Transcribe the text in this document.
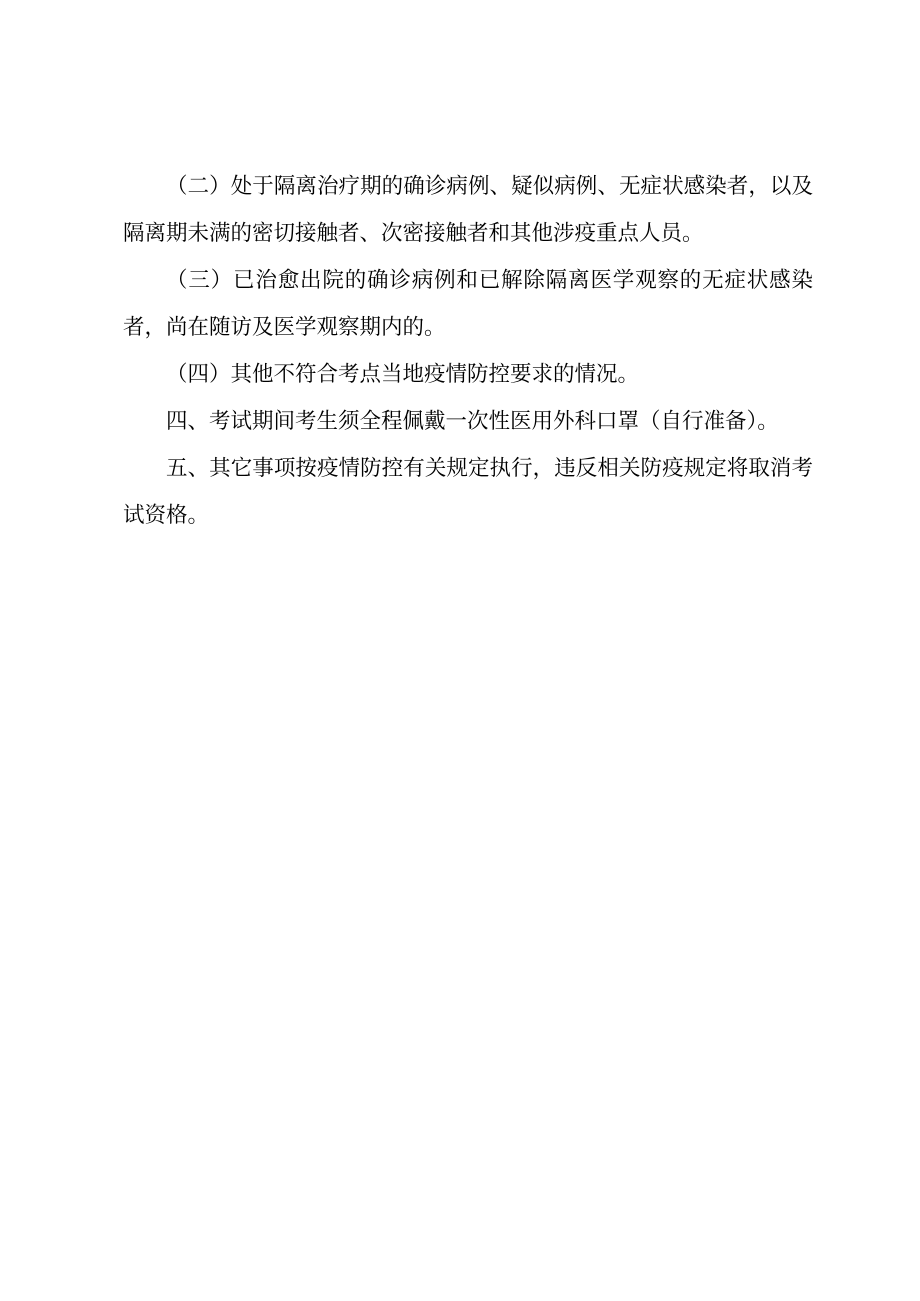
（二）处于隔离治疗期的确诊病例、疑似病例、无症状感染者，以及隔离期未满的密切接触者、次密接触者和其他涉疫重点人员。

（三）已治愈出院的确诊病例和已解除隔离医学观察的无症状感染者，尚在随访及医学观察期内的。

（四）其他不符合考点当地疫情防控要求的情况。

四、考试期间考生须全程佩戴一次性医用外科口罩（自行准备）。

五、其它事项按疫情防控有关规定执行，违反相关防疫规定将取消考试资格。
